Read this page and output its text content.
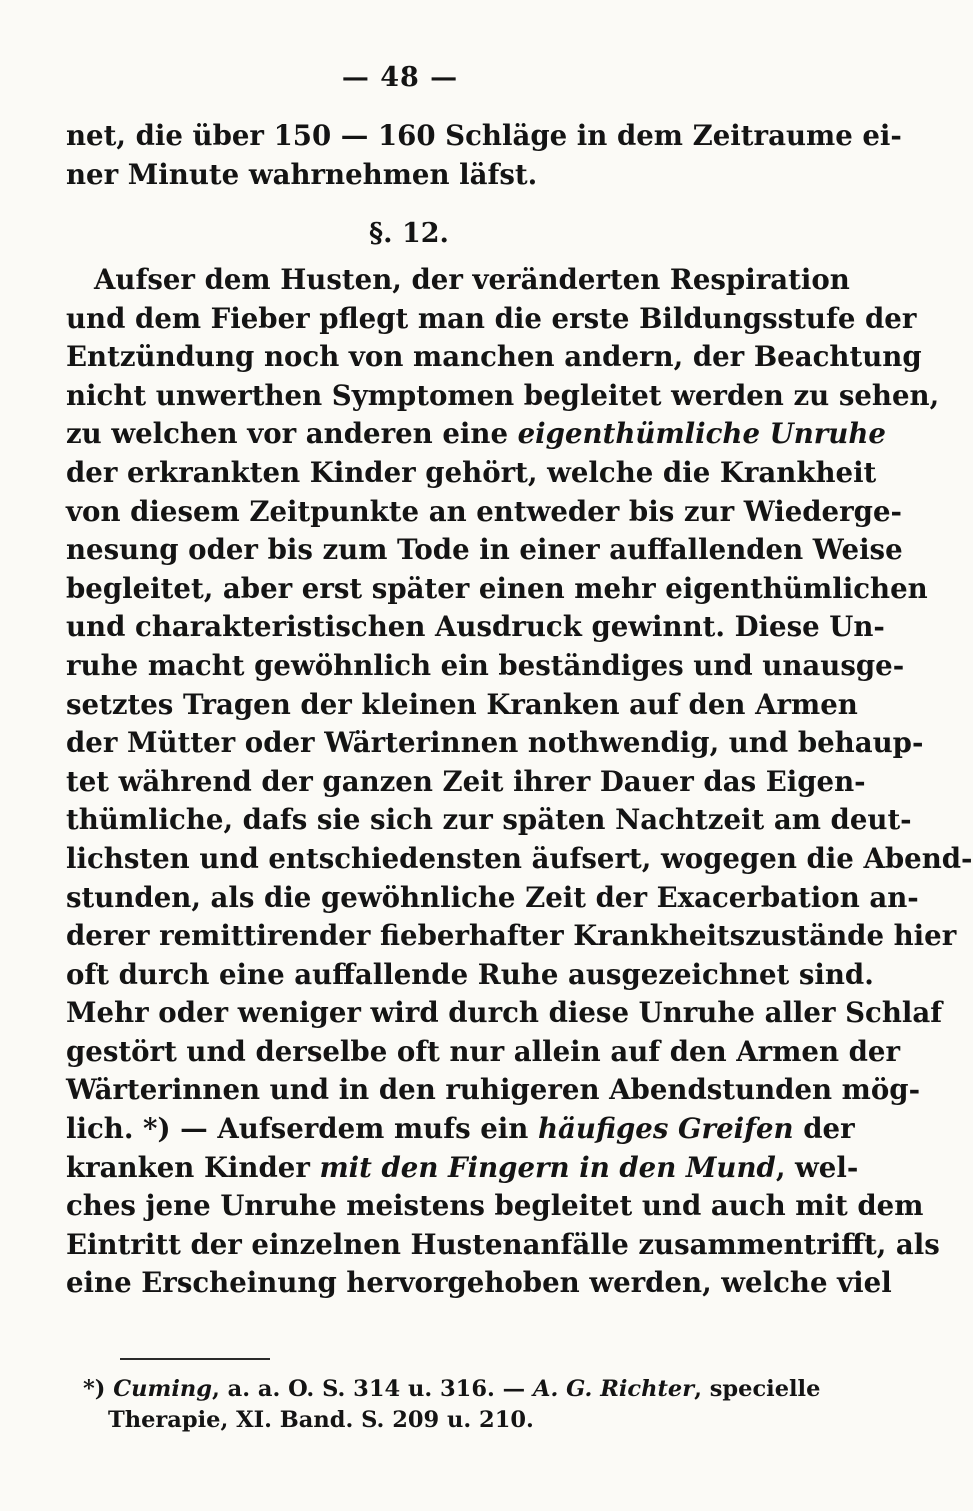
— 48 —
net, die über 150 — 160 Schläge in dem Zeitraume ei-
ner Minute wahrnehmen läfst.
§. 12.
Aufser dem Husten, der veränderten Respiration
und dem Fieber pflegt man die erste Bildungsstufe der
Entzündung noch von manchen andern, der Beachtung
nicht unwerthen Symptomen begleitet werden zu sehen,
zu welchen vor anderen eine eigenthümliche Unruhe
der erkrankten Kinder gehört, welche die Krankheit
von diesem Zeitpunkte an entweder bis zur Wiederge-
nesung oder bis zum Tode in einer auffallenden Weise
begleitet, aber erst später einen mehr eigenthümlichen
und charakteristischen Ausdruck gewinnt. Diese Un-
ruhe macht gewöhnlich ein beständiges und unausge-
setztes Tragen der kleinen Kranken auf den Armen
der Mütter oder Wärterinnen nothwendig, und behaup-
tet während der ganzen Zeit ihrer Dauer das Eigen-
thümliche, dafs sie sich zur späten Nachtzeit am deut-
lichsten und entschiedensten äufsert, wogegen die Abend-
stunden, als die gewöhnliche Zeit der Exacerbation an-
derer remittirender fieberhafter Krankheitszustände hier
oft durch eine auffallende Ruhe ausgezeichnet sind.
Mehr oder weniger wird durch diese Unruhe aller Schlaf
gestört und derselbe oft nur allein auf den Armen der
Wärterinnen und in den ruhigeren Abendstunden mög-
lich. *) — Aufserdem mufs ein häufiges Greifen der
kranken Kinder mit den Fingern in den Mund, wel-
ches jene Unruhe meistens begleitet und auch mit dem
Eintritt der einzelnen Hustenanfälle zusammentrifft, als
eine Erscheinung hervorgehoben werden, welche viel
*) Cuming, a. a. O. S. 314 u. 316. — A. G. Richter, specielle
Therapie, XI. Band. S. 209 u. 210.
